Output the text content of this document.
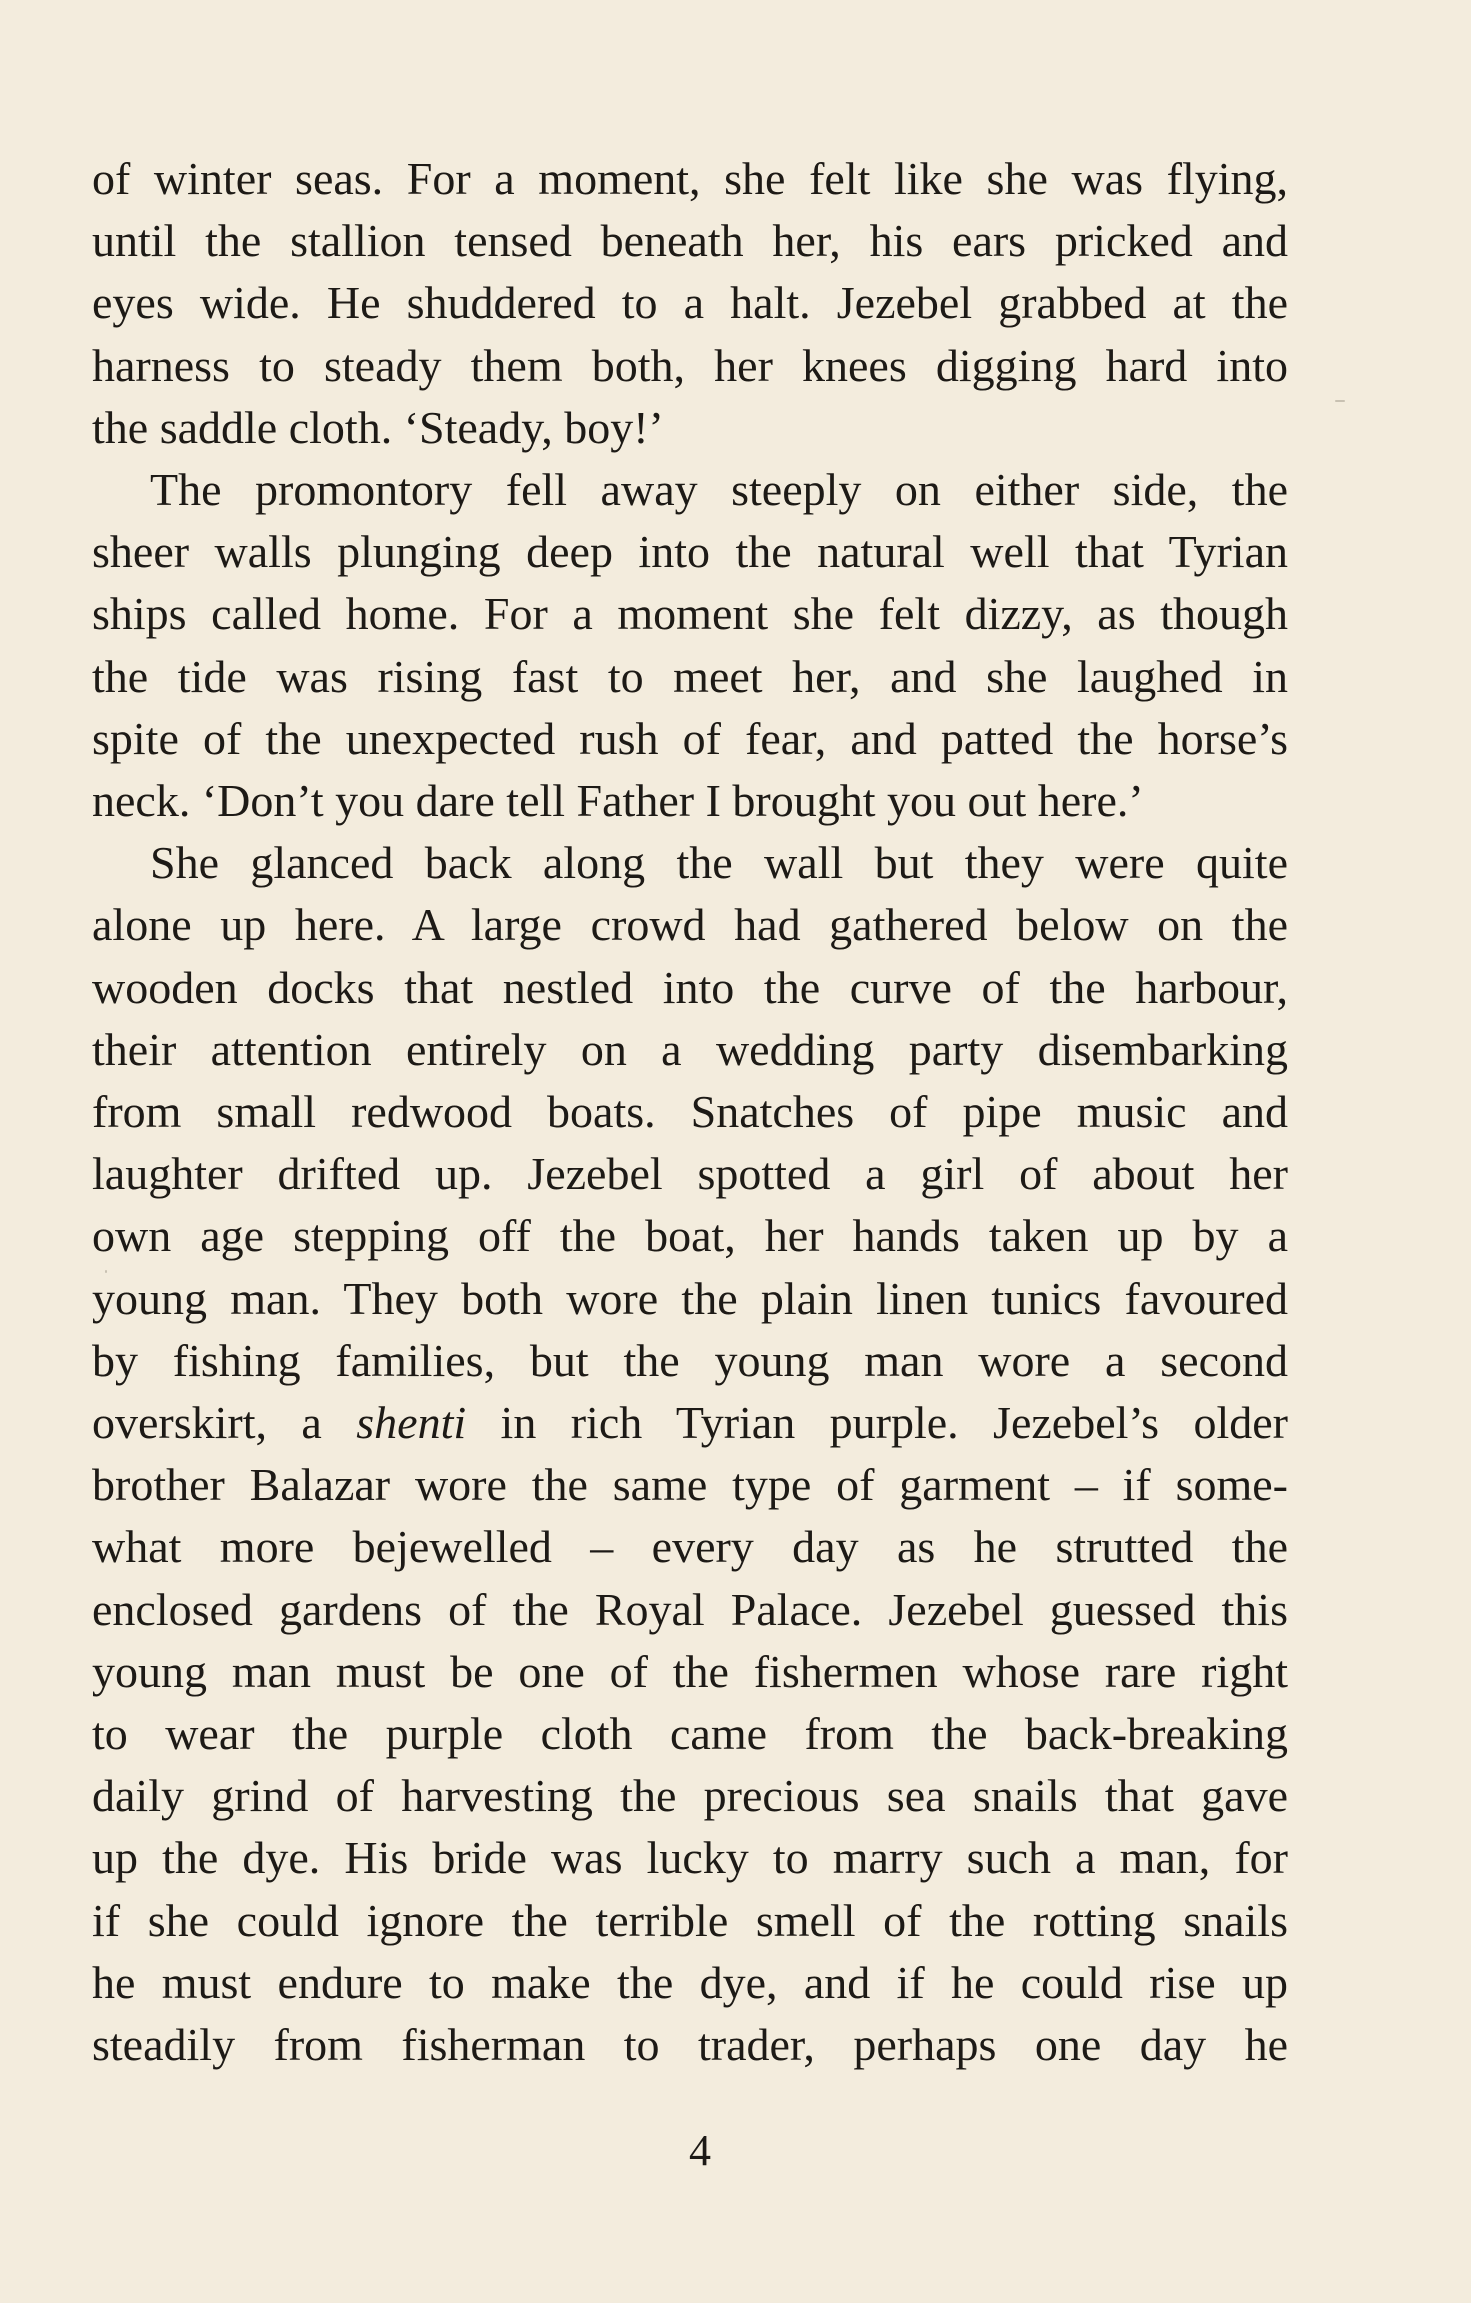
of winter seas. For a moment, she felt like she was flying,
until the stallion tensed beneath her, his ears pricked and
eyes wide. He shuddered to a halt. Jezebel grabbed at the
harness to steady them both, her knees digging hard into
the saddle cloth. ‘Steady, boy!’
The promontory fell away steeply on either side, the
sheer walls plunging deep into the natural well that Tyrian
ships called home. For a moment she felt dizzy, as though
the tide was rising fast to meet her, and she laughed in
spite of the unexpected rush of fear, and patted the horse’s
neck. ‘Don’t you dare tell Father I brought you out here.’
She glanced back along the wall but they were quite
alone up here. A large crowd had gathered below on the
wooden docks that nestled into the curve of the harbour,
their attention entirely on a wedding party disembarking
from small redwood boats. Snatches of pipe music and
laughter drifted up. Jezebel spotted a girl of about her
own age stepping off the boat, her hands taken up by a
young man. They both wore the plain linen tunics favoured
by fishing families, but the young man wore a second
overskirt, a shenti in rich Tyrian purple. Jezebel’s older
brother Balazar wore the same type of garment – if some-
what more bejewelled – every day as he strutted the
enclosed gardens of the Royal Palace. Jezebel guessed this
young man must be one of the fishermen whose rare right
to wear the purple cloth came from the back-breaking
daily grind of harvesting the precious sea snails that gave
up the dye. His bride was lucky to marry such a man, for
if she could ignore the terrible smell of the rotting snails
he must endure to make the dye, and if he could rise up
steadily from fisherman to trader, perhaps one day he
4
